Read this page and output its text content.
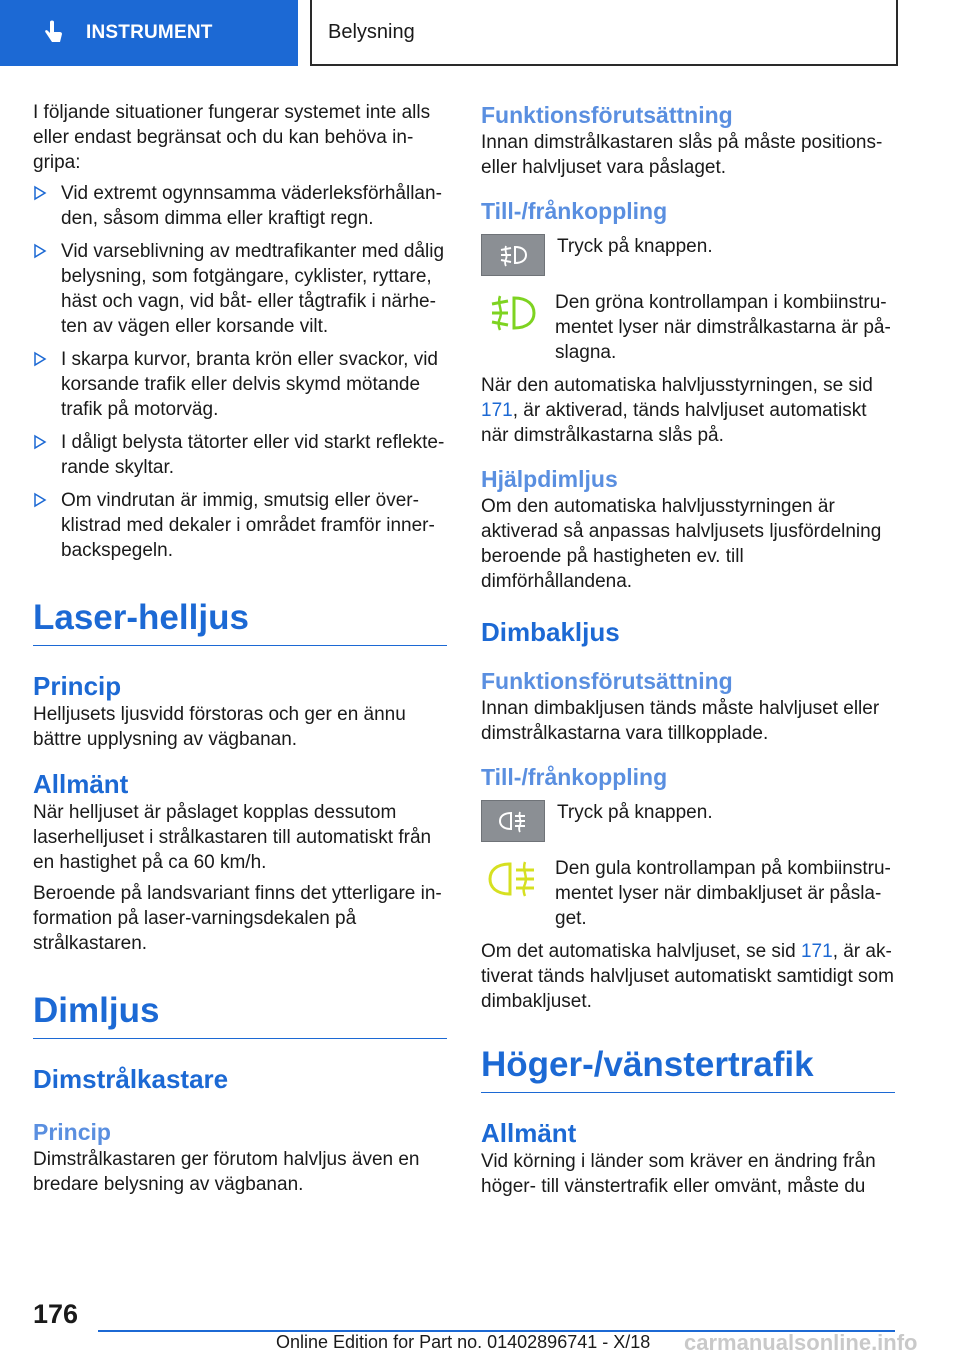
INSTRUMENT	Belysning

I följande situationer fungerar systemet inte alls eller endast begränsat och du kan behöva ingripa:

Vid extremt ogynnsamma väderleksförhållanden, såsom dimma eller kraftigt regn.
Vid varseblivning av medtrafikanter med dålig belysning, som fotgängare, cyklister, ryttare, häst och vagn, vid båt- eller tågtrafik i närheten av vägen eller korsande vilt.
I skarpa kurvor, branta krön eller svackor, vid korsande trafik eller delvis skymd mötande trafik på motorväg.
I dåligt belysta tätorter eller vid starkt reflekterande skyltar.
Om vindrutan är immig, smutsig eller överklistrad med dekaler i området framför innerbackspegeln.
Laser-helljus
Princip

Helljusets ljusvidd förstoras och ger en ännu bättre upplysning av vägbanan.

Allmänt

När helljuset är påslaget kopplas dessutom laserhelljuset i strålkastaren till automatiskt från en hastighet på ca 60 km/h.

Beroende på landsvariant finns det ytterligare information på laser-varningsdekalen på strålkastaren.

Dimljus
Dimstrålkastare
Princip

Dimstrålkastaren ger förutom halvljus även en bredare belysning av vägbanan.

Funktionsförutsättning

Innan dimstrålkastaren slås på måste positions- eller halvljuset vara påslaget.

Till-/frånkoppling
Tryck på knappen.
Den gröna kontrollampan i kombiinstrumentet lyser när dimstrålkastarna är påslagna.

När den automatiska halvljusstyrningen, se sid 171, är aktiverad, tänds halvljuset automatiskt när dimstrålkastarna slås på.

Hjälpdimljus

Om den automatiska halvljusstyrningen är aktiverad så anpassas halvljusets ljusfördelning beroende på hastigheten ev. till dimförhållandena.

Dimbakljus
Funktionsförutsättning

Innan dimbakljusen tänds måste halvljuset eller dimstrålkastarna vara tillkopplade.

Till-/frånkoppling
Tryck på knappen.
Den gula kontrollampan på kombiinstrumentet lyser när dimbakljuset är påslaget.

Om det automatiska halvljuset, se sid 171, är aktiverat tänds halvljuset automatiskt samtidigt som dimbakljuset.

Höger-/vänstertrafik
Allmänt

Vid körning i länder som kräver en ändring från höger- till vänstertrafik eller omvänt, måste du

176
Online Edition for Part no. 01402896741 - X/18 carmanualsonline.info
